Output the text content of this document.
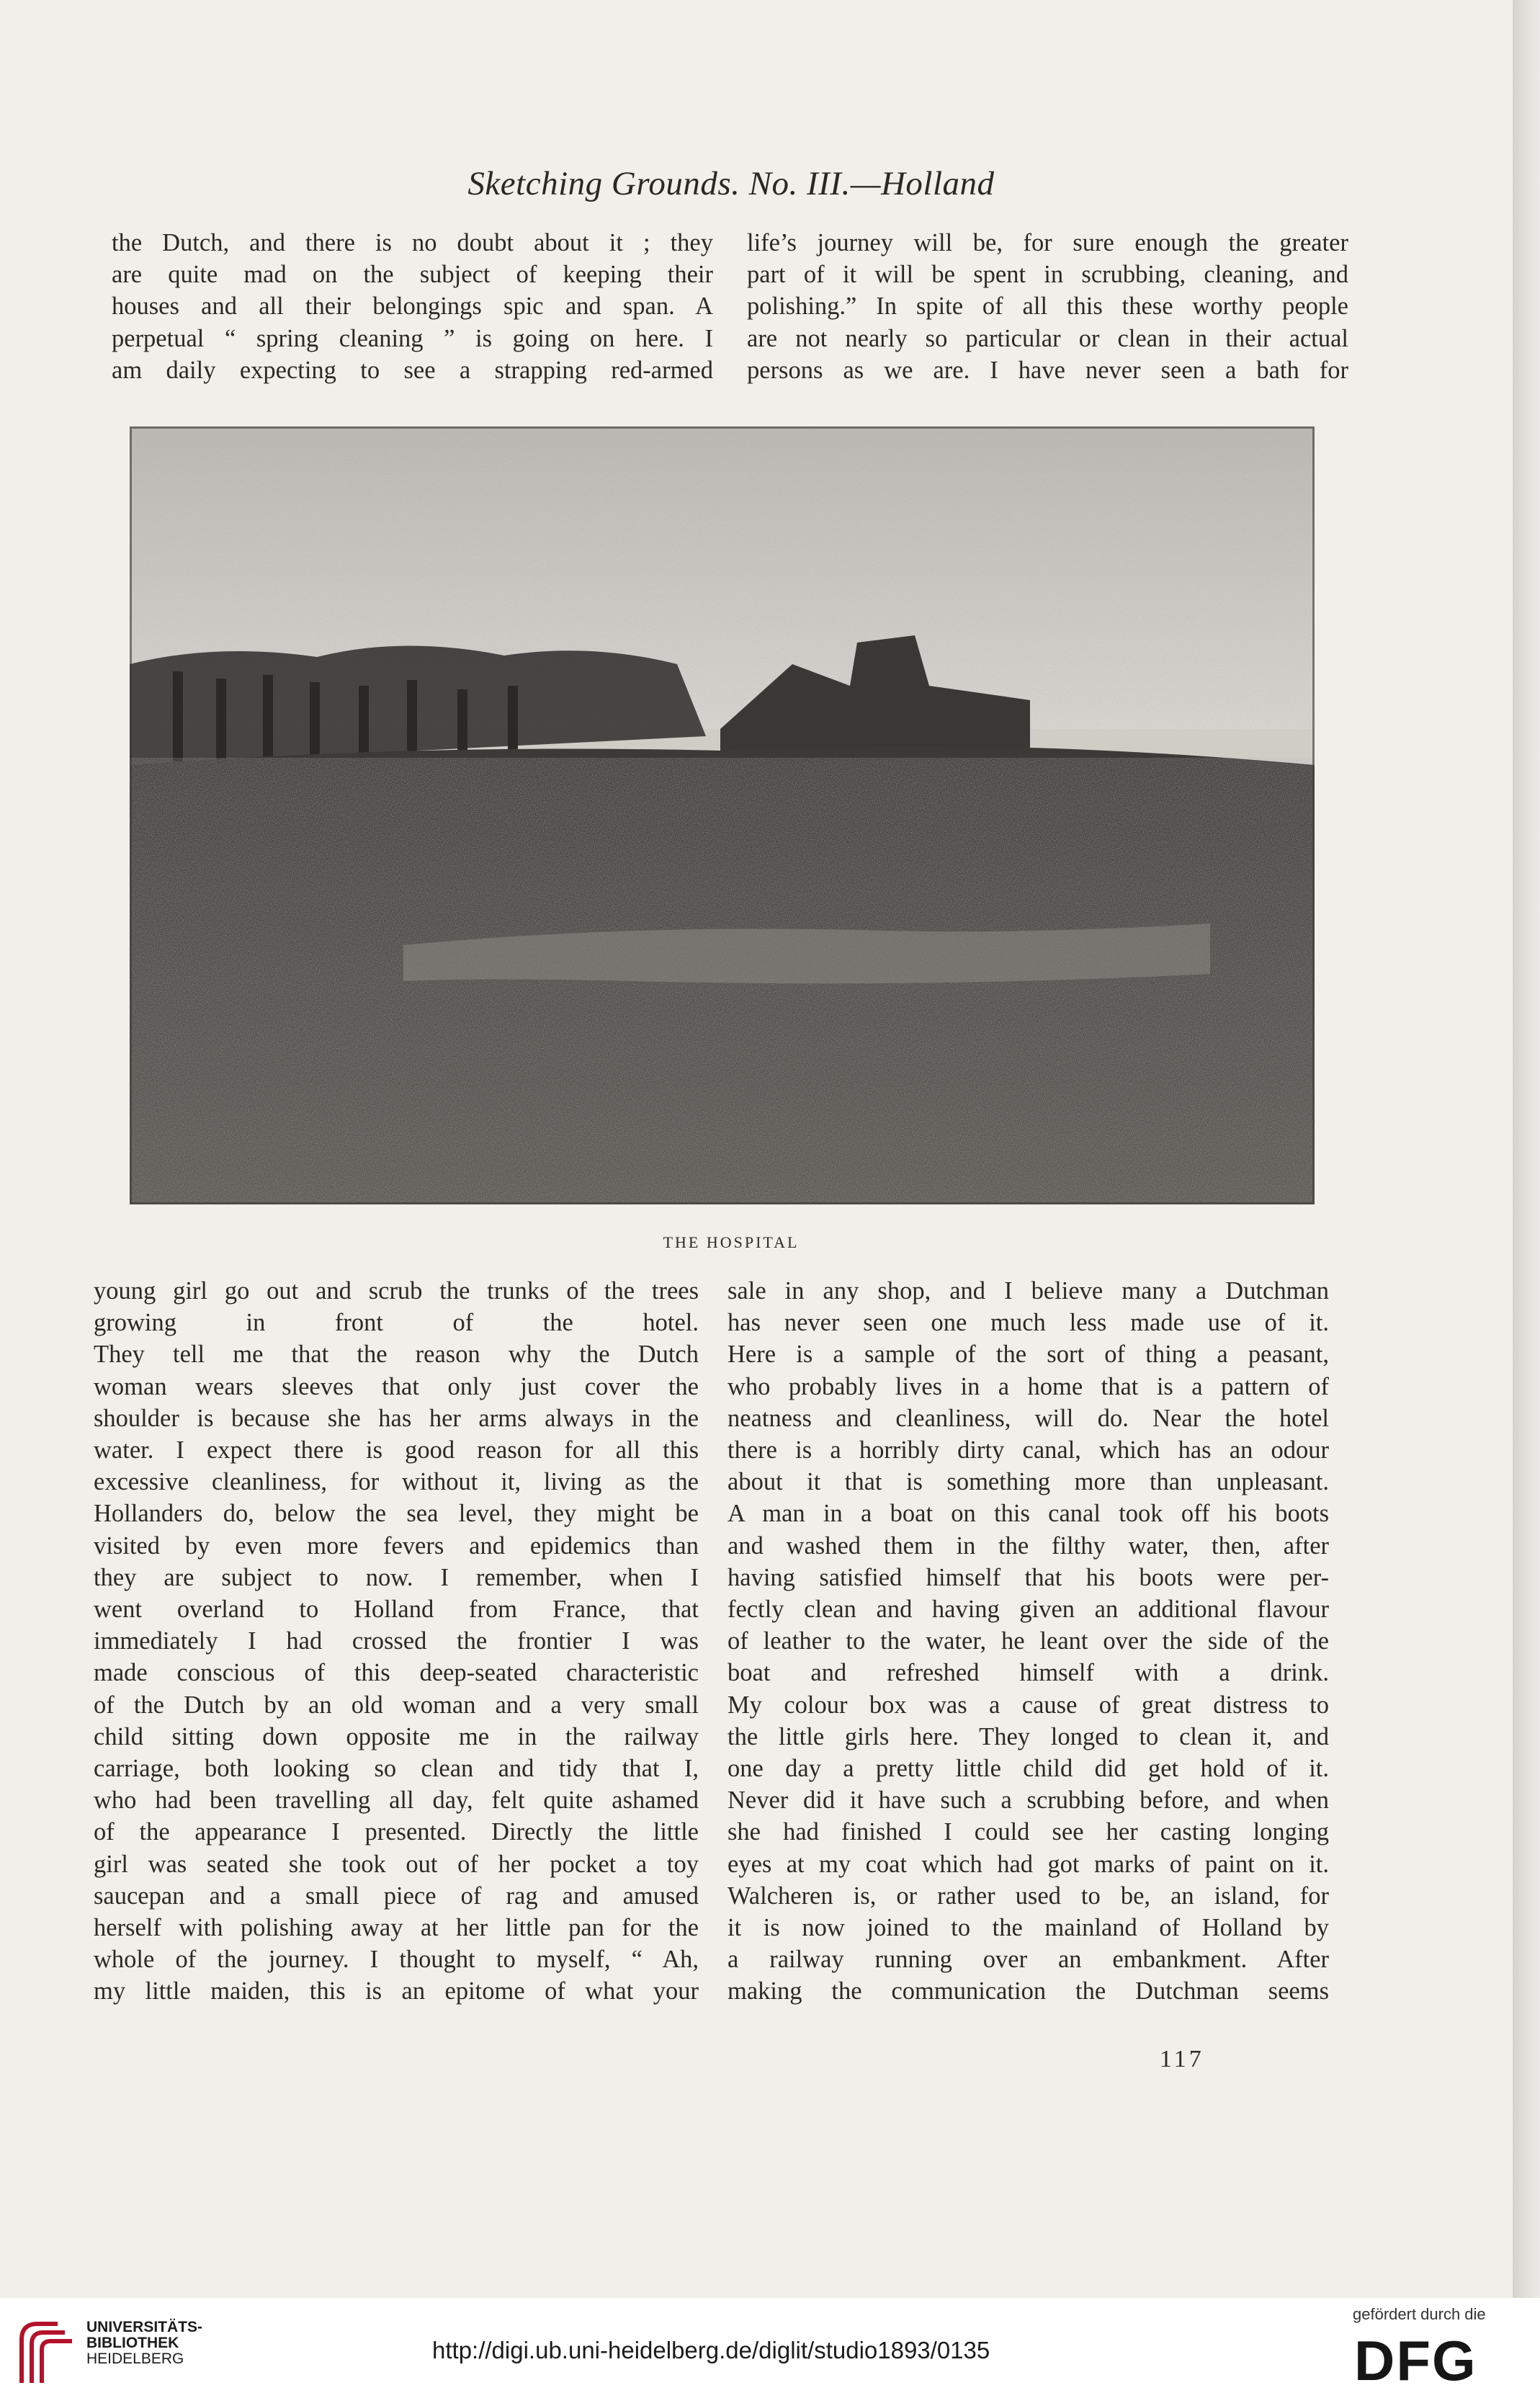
Sketching Grounds. No. III.—Holland
the Dutch, and there is no doubt about it ; they
are quite mad on the subject of keeping their
houses and all their belongings spic and span. A
perpetual “ spring cleaning ” is going on here. I
am daily expecting to see a strapping red-armed
life’s journey will be, for sure enough the greater
part of it will be spent in scrubbing, cleaning, and
polishing.” In spite of all this these worthy people
are not nearly so particular or clean in their actual
persons as we are. I have never seen a bath for
THE HOSPITAL
young girl go out and scrub the trunks of the trees
growing in front of the hotel.
They tell me that the reason why the Dutch
woman wears sleeves that only just cover the
shoulder is because she has her arms always in the
water. I expect there is good reason for all this
excessive cleanliness, for without it, living as the
Hollanders do, below the sea level, they might be
visited by even more fevers and epidemics than
they are subject to now. I remember, when I
went overland to Holland from France, that
immediately I had crossed the frontier I was
made conscious of this deep-seated characteristic
of the Dutch by an old woman and a very small
child sitting down opposite me in the railway
carriage, both looking so clean and tidy that I,
who had been travelling all day, felt quite ashamed
of the appearance I presented. Directly the little
girl was seated she took out of her pocket a toy
saucepan and a small piece of rag and amused
herself with polishing away at her little pan for the
whole of the journey. I thought to myself, “ Ah,
my little maiden, this is an epitome of what your
sale in any shop, and I believe many a Dutchman
has never seen one much less made use of it.
Here is a sample of the sort of thing a peasant,
who probably lives in a home that is a pattern of
neatness and cleanliness, will do. Near the hotel
there is a horribly dirty canal, which has an odour
about it that is something more than unpleasant.
A man in a boat on this canal took off his boots
and washed them in the filthy water, then, after
having satisfied himself that his boots were per-
fectly clean and having given an additional flavour
of leather to the water, he leant over the side of the
boat and refreshed himself with a drink.
My colour box was a cause of great distress to
the little girls here. They longed to clean it, and
one day a pretty little child did get hold of it.
Never did it have such a scrubbing before, and when
she had finished I could see her casting longing
eyes at my coat which had got marks of paint on it.
Walcheren is, or rather used to be, an island, for
it is now joined to the mainland of Holland by
a railway running over an embankment. After
making the communication the Dutchman seems
117
UNIVERSITÄTS-
BIBLIOTHEK
HEIDELBERG	http://digi.ub.uni-heidelberg.de/diglit/studio1893/0135
gefördert durch die
DFG
